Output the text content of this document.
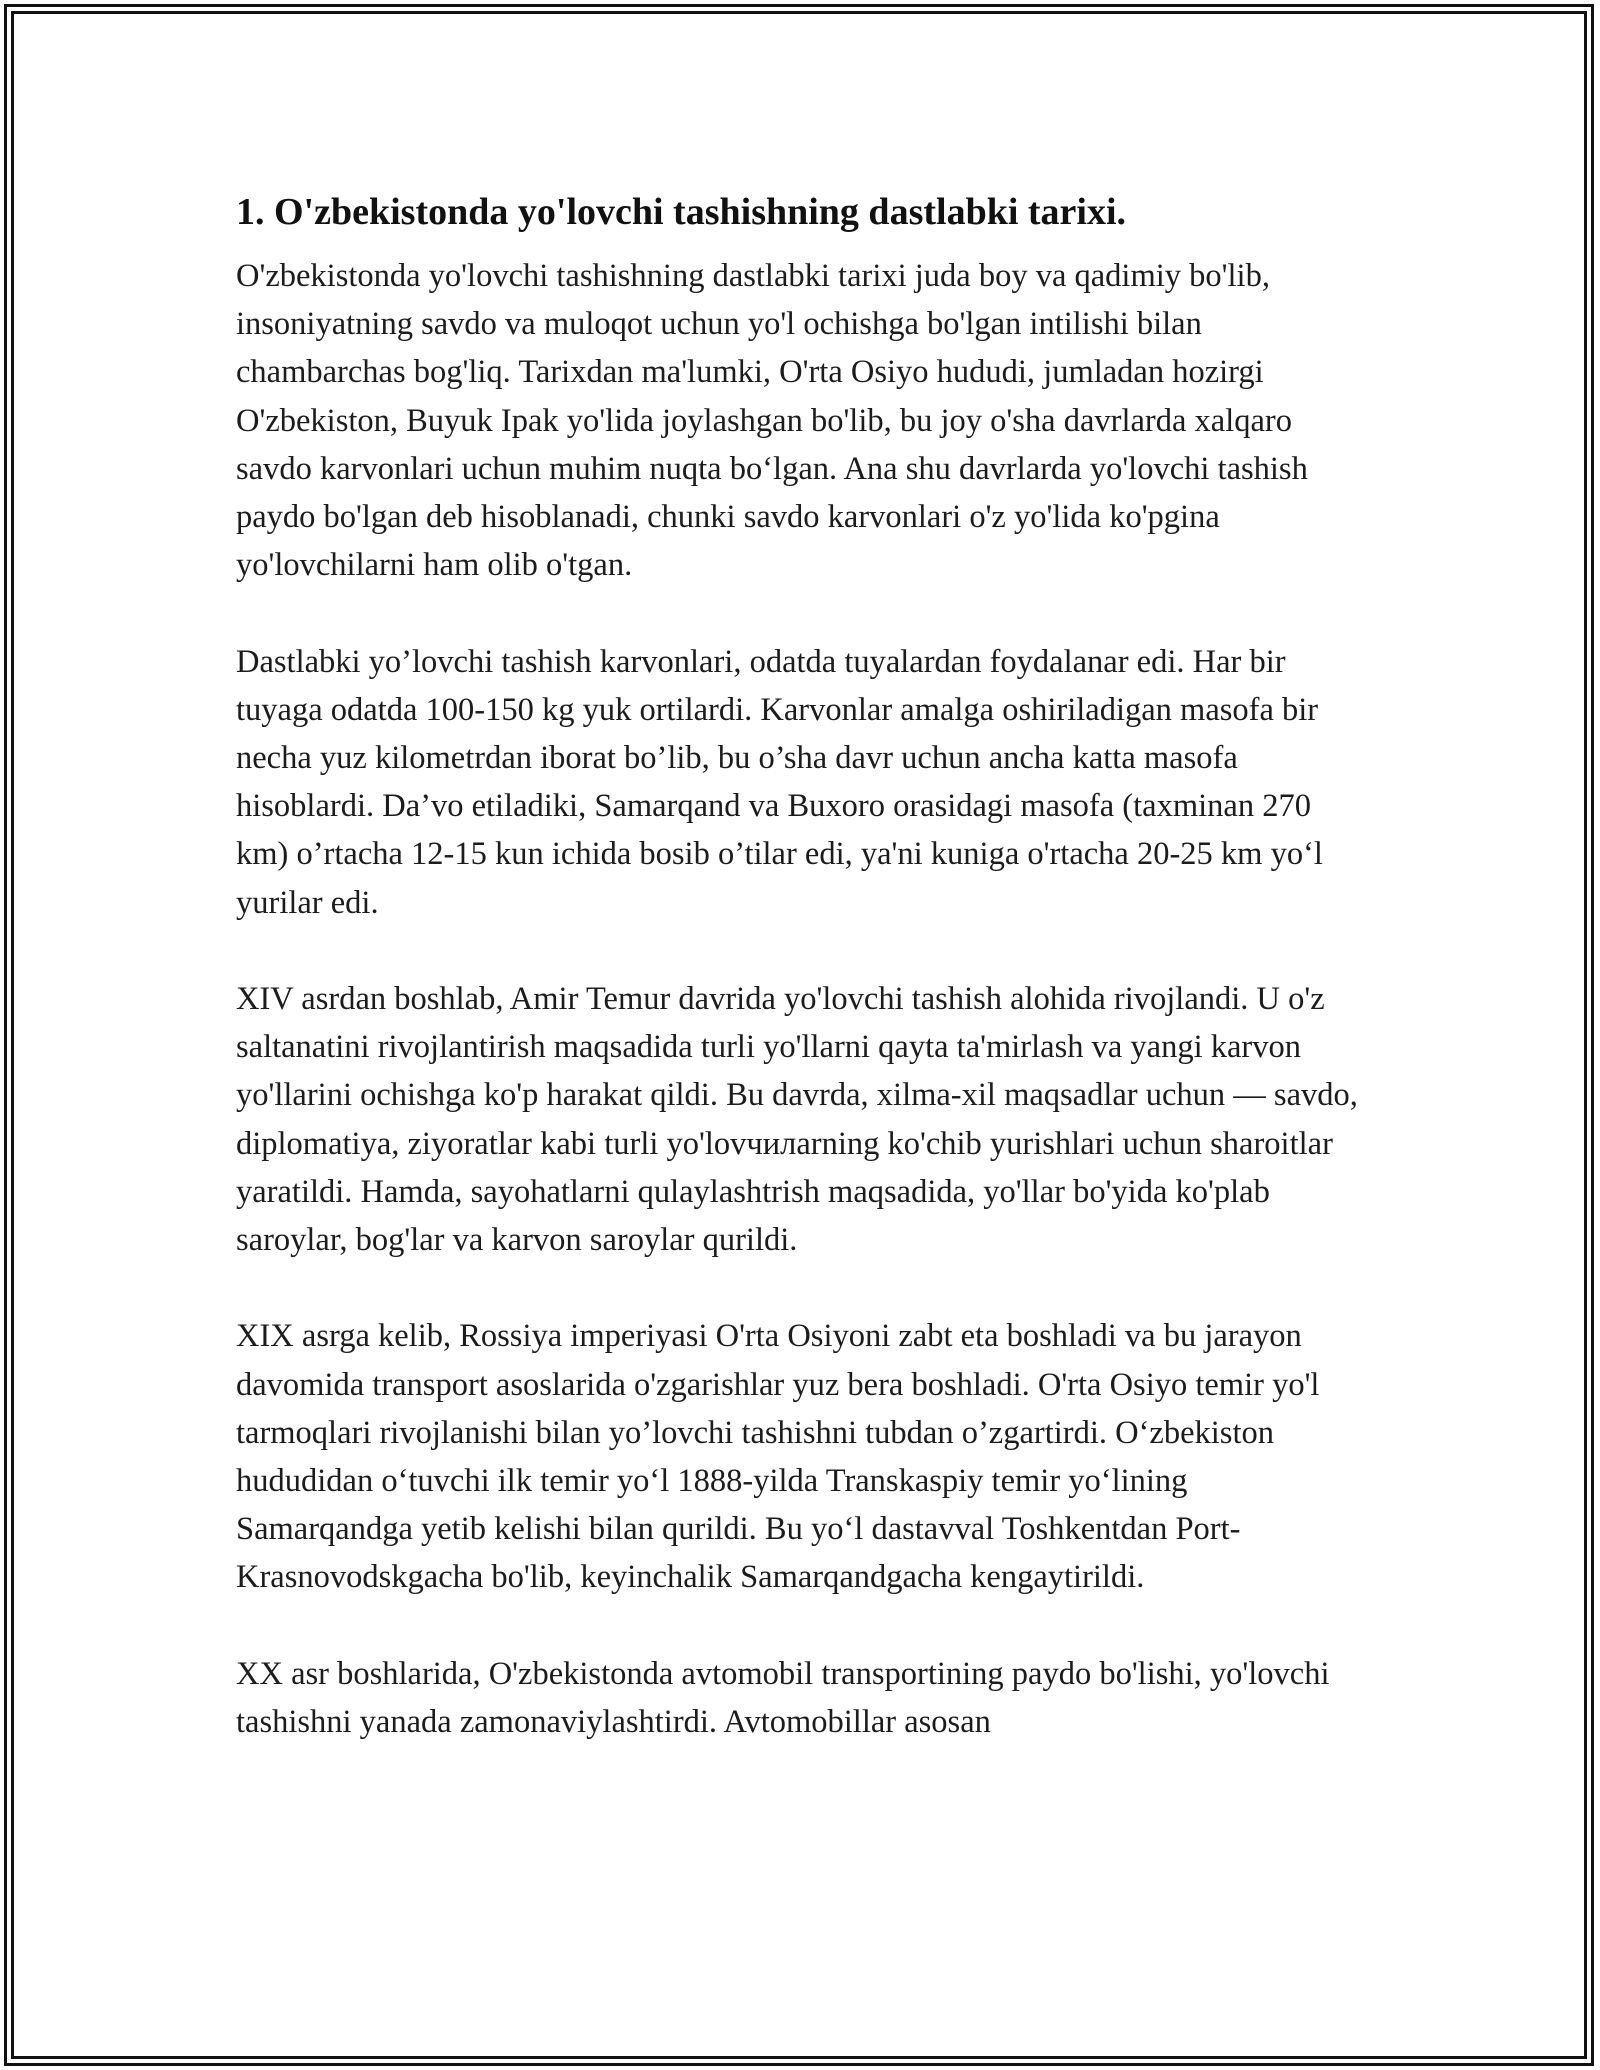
1. O'zbekistonda yo'lovchi tashishning dastlabki tarixi.

O'zbekistonda yo'lovchi tashishning dastlabki tarixi juda boy va qadimiy bo'lib, insoniyatning savdo va muloqot uchun yo'l ochishga bo'lgan intilishi bilan chambarchas bog'liq. Tarixdan ma'lumki, O'rta Osiyo hududi, jumladan hozirgi O'zbekiston, Buyuk Ipak yo'lida joylashgan bo'lib, bu joy o'sha davrlarda xalqaro savdo karvonlari uchun muhim nuqta bo‘lgan. Ana shu davrlarda yo'lovchi tashish paydo bo'lgan deb hisoblanadi, chunki savdo karvonlari o'z yo'lida ko'pgina yo'lovchilarni ham olib o'tgan.

Dastlabki yo’lovchi tashish karvonlari, odatda tuyalardan foydalanar edi. Har bir tuyaga odatda 100-150 kg yuk ortilardi. Karvonlar amalga oshiriladigan masofa bir necha yuz kilometrdan iborat bo’lib, bu o’sha davr uchun ancha katta masofa hisoblardi. Da’vo etiladiki, Samarqand va Buxoro orasidagi masofa (taxminan 270 km) o’rtacha 12-15 kun ichida bosib o’tilar edi, ya'ni kuniga o'rtacha 20-25 km yo‘l yurilar edi.

XIV asrdan boshlab, Amir Temur davrida yo'lovchi tashish alohida rivojlandi. U o'z saltanatini rivojlantirish maqsadida turli yo'llarni qayta ta'mirlash va yangi karvon yo'llarini ochishga ko'p harakat qildi. Bu davrda, xilma-xil maqsadlar uchun — savdo, diplomatiya, ziyoratlar kabi turli yo'lovчилarning ko'chib yurishlari uchun sharoitlar yaratildi. Hamda, sayohatlarni qulaylashtrish maqsadida, yo'llar bo'yida ko'plab saroylar, bog'lar va karvon saroylar qurildi.

XIX asrga kelib, Rossiya imperiyasi O'rta Osiyoni zabt eta boshladi va bu jarayon davomida transport asoslarida o'zgarishlar yuz bera boshladi. O'rta Osiyo temir yo'l tarmoqlari rivojlanishi bilan yo’lovchi tashishni tubdan o’zgartirdi. O‘zbekiston hududidan o‘tuvchi ilk temir yo‘l 1888-yilda Transkaspiy temir yo‘lining Samarqandga yetib kelishi bilan qurildi. Bu yo‘l dastavval Toshkentdan Port-Krasnovodskgacha bo'lib, keyinchalik Samarqandgacha kengaytirildi.

XX asr boshlarida, O'zbekistonda avtomobil transportining paydo bo'lishi, yo'lovchi tashishni yanada zamonaviylashtirdi. Avtomobillar asosan
